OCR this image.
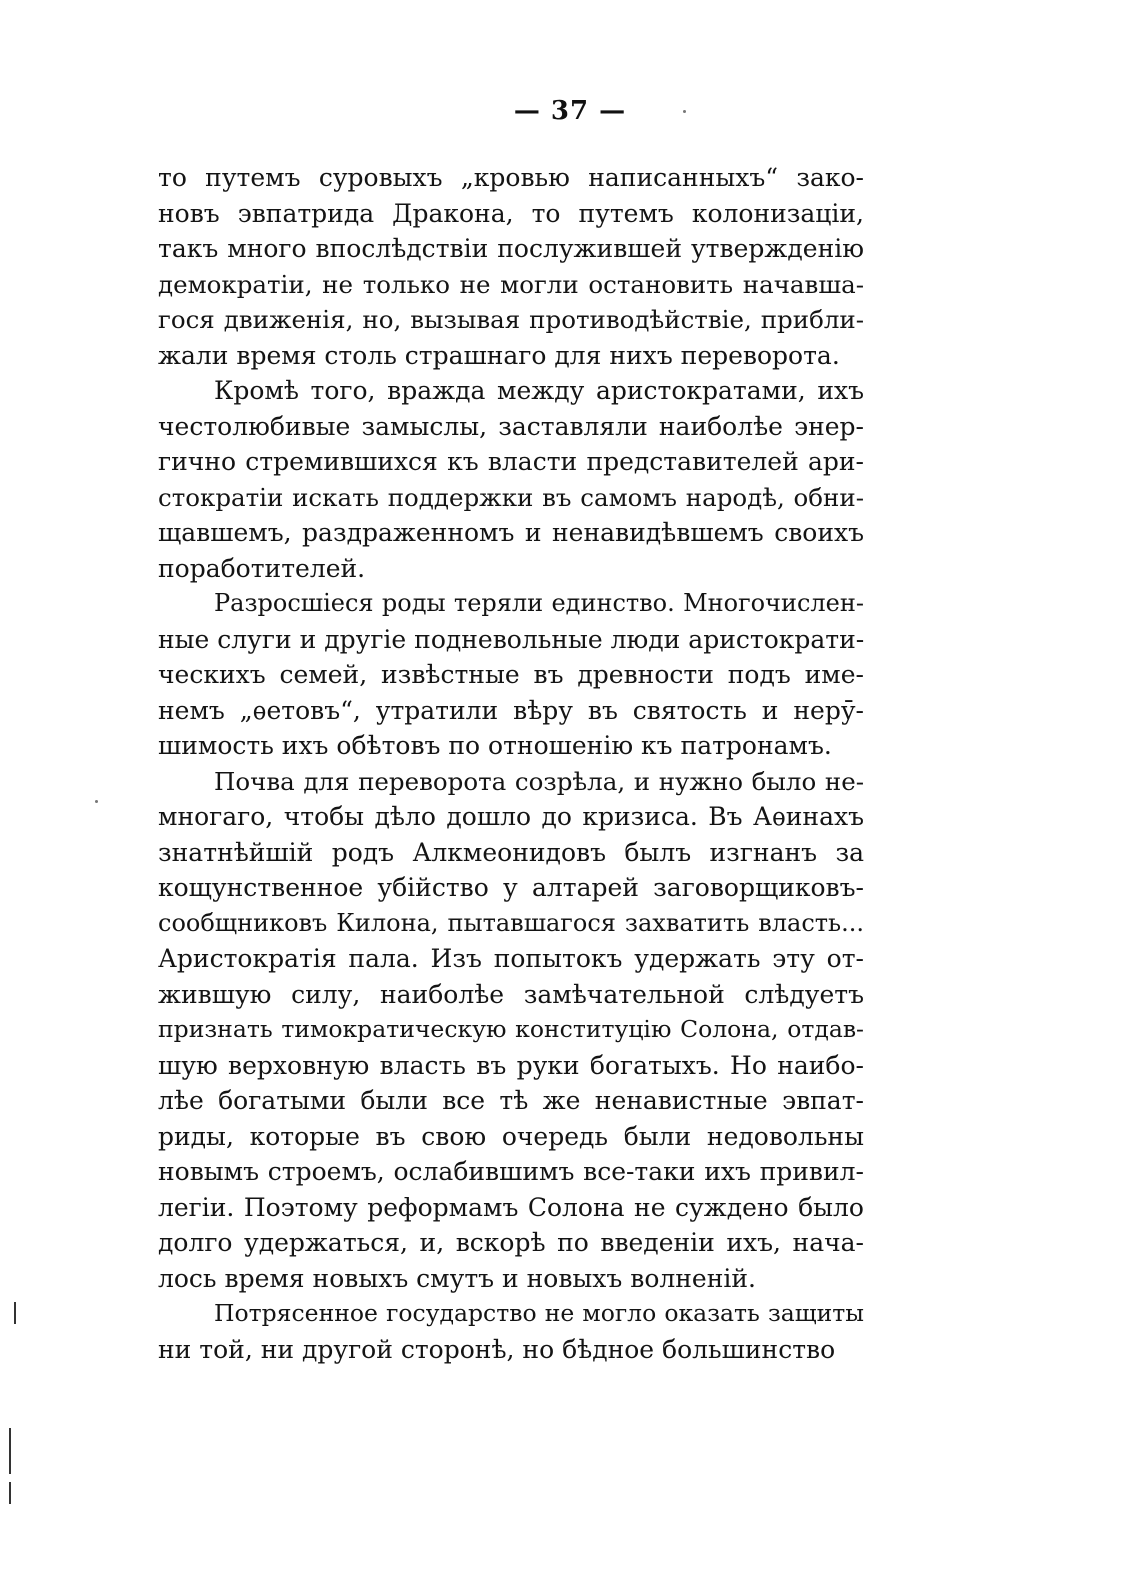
— 37 —
то путемъ суровыхъ „кровью написанныхъ“ зако-
новъ эвпатрида Дракона, то путемъ колонизацiи,
такъ много впослѣдствiи послужившей утвержденiю
демократiи, не только не могли остановить начавша-
гося движенiя, но, вызывая противодѣйствiе, прибли-
жали время столь страшнаго для нихъ переворота.
Кромѣ того, вражда между аристократами, ихъ
честолюбивые замыслы, заставляли наиболѣе энер-
гично стремившихся къ власти представителей ари-
стократiи искать поддержки въ самомъ народѣ, обни-
щавшемъ, раздраженномъ и ненавидѣвшемъ своихъ
поработителей.
Разросшiеся роды теряли единство. Многочислен-
ные слуги и другiе подневольные люди аристократи-
ческихъ семей, извѣстные въ древности подъ име-
немъ „ѳетовъ“, утратили вѣру въ святость и нерӯ-
шимость ихъ обѣтовъ по отношенiю къ патронамъ.
Почва для переворота созрѣла, и нужно было не-
многаго, чтобы дѣло дошло до кризиса. Въ Аѳинахъ
знатнѣйшiй родъ Алкмеонидовъ былъ изгнанъ за
кощунственное убiйство у алтарей заговорщиковъ-
сообщниковъ Килона, пытавшагося захватить власть...
Аристократiя пала. Изъ попытокъ удержать эту от-
жившую силу, наиболѣе замѣчательной слѣдуетъ
признать тимократическую конституцiю Солона, отдав-
шую верховную власть въ руки богатыхъ. Но наибо-
лѣе богатыми были все тѣ же ненавистные эвпат-
риды, которые въ свою очередь были недовольны
новымъ строемъ, ослабившимъ все-таки ихъ привил-
легiи. Поэтому реформамъ Солона не суждено было
долго удержаться, и, вскорѣ по введенiи ихъ, нача-
лось время новыхъ смутъ и новыхъ волненiй.
Потрясенное государство не могло оказать защиты
ни той, ни другой сторонѣ, но бѣдное большинство
